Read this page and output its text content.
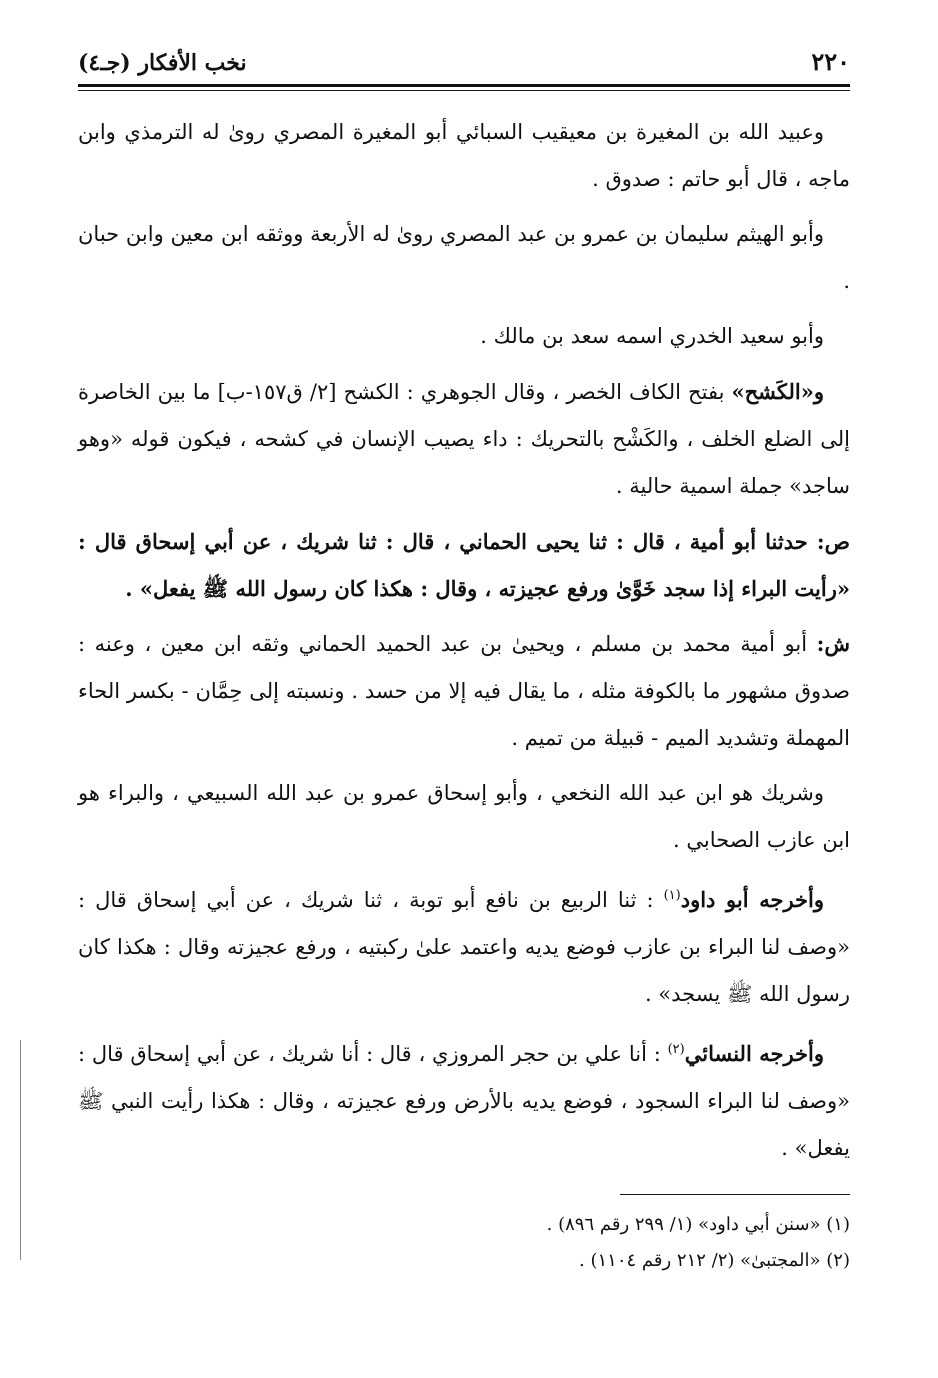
٢٢٠
نخب الأفكار (جـ٤)

وعبيد الله بن المغيرة بن معيقيب السبائي أبو المغيرة المصري روىٰ له الترمذي وابن ماجه ، قال أبو حاتم : صدوق .

وأبو الهيثم سليمان بن عمرو بن عبد المصري روىٰ له الأربعة ووثقه ابن معين وابن حبان .

وأبو سعيد الخدري اسمه سعد بن مالك .

و«الكَشح» بفتح الكاف الخصر ، وقال الجوهري : الكشح [٢/ ق١٥٧-ب] ما بين الخاصرة إلى الضلع الخلف ، والكَشْح بالتحريك : داء يصيب الإنسان في كشحه ، فيكون قوله «وهو ساجد» جملة اسمية حالية .

ص: حدثنا أبو أمية ، قال : ثنا يحيى الحماني ، قال : ثنا شريك ، عن أبي إسحاق قال : «رأيت البراء إذا سجد خَوَّىٰ ورفع عجيزته ، وقال : هكذا كان رسول الله ﷺ يفعل» .

ش: أبو أمية محمد بن مسلم ، ويحيىٰ بن عبد الحميد الحماني وثقه ابن معين ، وعنه : صدوق مشهور ما بالكوفة مثله ، ما يقال فيه إلا من حسد . ونسبته إلى حِمَّان - بكسر الحاء المهملة وتشديد الميم - قبيلة من تميم .

وشريك هو ابن عبد الله النخعي ، وأبو إسحاق عمرو بن عبد الله السبيعي ، والبراء هو ابن عازب الصحابي .

وأخرجه أبو داود$^{(١)}$ : ثنا الربيع بن نافع أبو توبة ، ثنا شريك ، عن أبي إسحاق قال : «وصف لنا البراء بن عازب فوضع يديه واعتمد علىٰ ركبتيه ، ورفع عجيزته وقال : هكذا كان رسول الله ﷺ يسجد» .

وأخرجه النسائي$^{(٢)}$ : أنا علي بن حجر المروزي ، قال : أنا شريك ، عن أبي إسحاق قال : «وصف لنا البراء السجود ، فوضع يديه بالأرض ورفع عجيزته ، وقال : هكذا رأيت النبي ﷺ يفعل» .

(١) «سنن أبي داود» (١/ ٢٩٩ رقم ٨٩٦) .
(٢) «المجتبىٰ» (٢/ ٢١٢ رقم ١١٠٤) .
